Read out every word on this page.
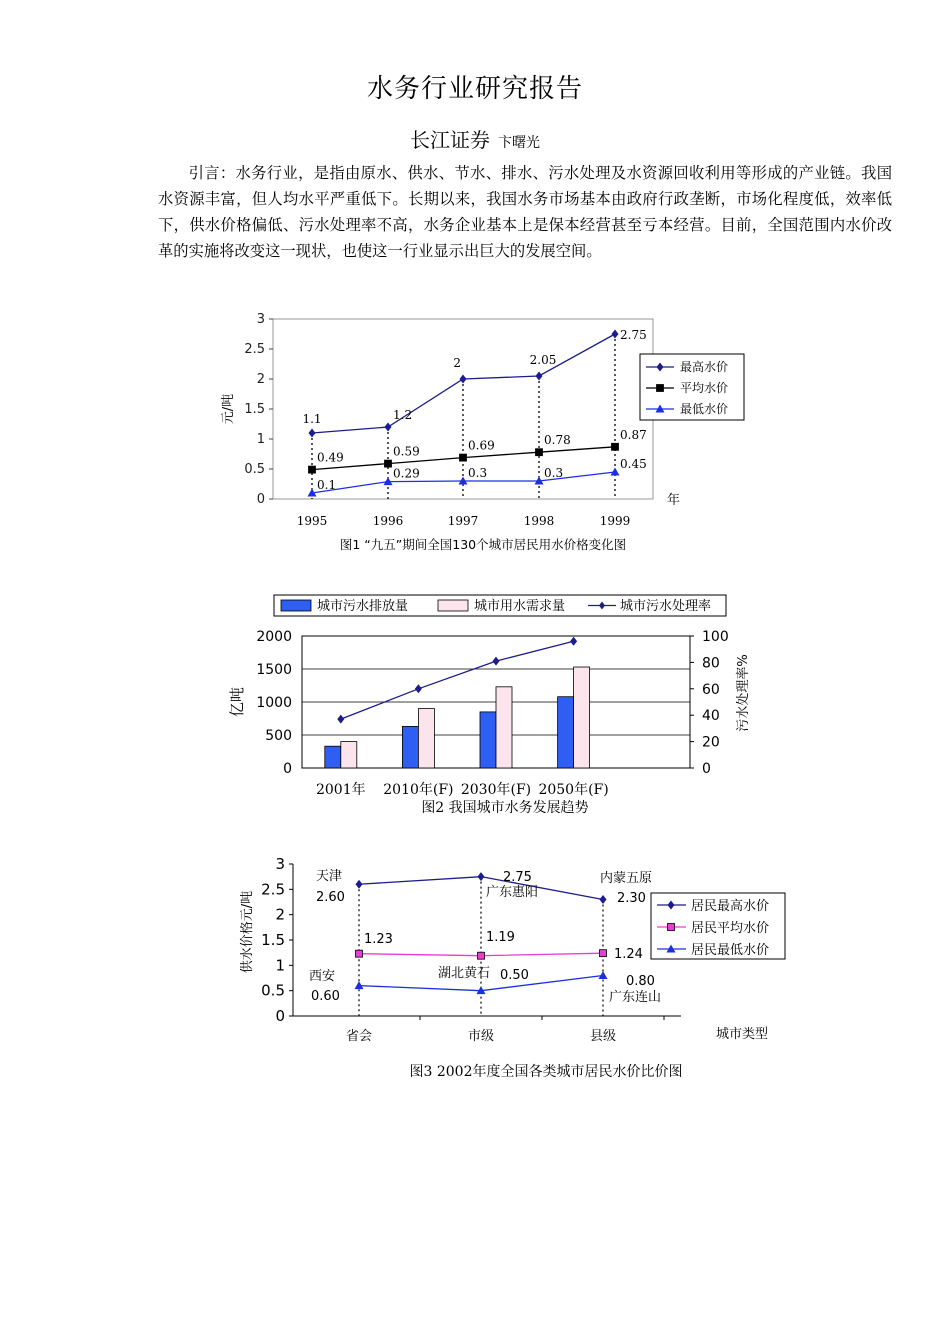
水务行业研究报告
长江证券 卞曙光

引言：水务行业，是指由原水、供水、节水、排水、污水处理及水资源回收利用等形成的产业链。我国水资源丰富，但人均水平严重低下。长期以来，我国水务市场基本由政府行政垄断，市场化程度低，效率低下，供水价格偏低、污水处理率不高，水务企业基本上是保本经营甚至亏本经营。目前，全国范围内水价改革的实施将改变这一现状，也使这一行业显示出巨大的发展空间。

0
0.5
1
1.5
2
2.5
3
元/吨
年
1995	1996	1997	1998	1999
1.1	1.2
2	2.05
2.75
0.49	0.59	0.69	0.78	0.87
0.1
0.29	0.3	0.3
0.45
最高水价
平均水价
最低水价
图1 “九五”期间全国130个城市居民用水价格变化图
城市污水排放量	城市用水需求量	城市污水处理率
0
500
1000
1500
2000
0
20
40
60
80
100
亿吨	污水处理率%
2001年 2010年(F) 2030年(F) 2050年(F)
图2 我国城市水务发展趋势
0
0.5
1
1.5
2
2.5
3
供水价格元/吨
城市类型
省会	市级	县级
天津
2.60
2.75
广东惠阳
内蒙五原
2.30
1.23	1.19
1.24
西安
0.60
湖北黄石 0.50	0.80
广东连山
居民最高水价
居民平均水价
居民最低水价
图3 2002年度全国各类城市居民水价比价图
